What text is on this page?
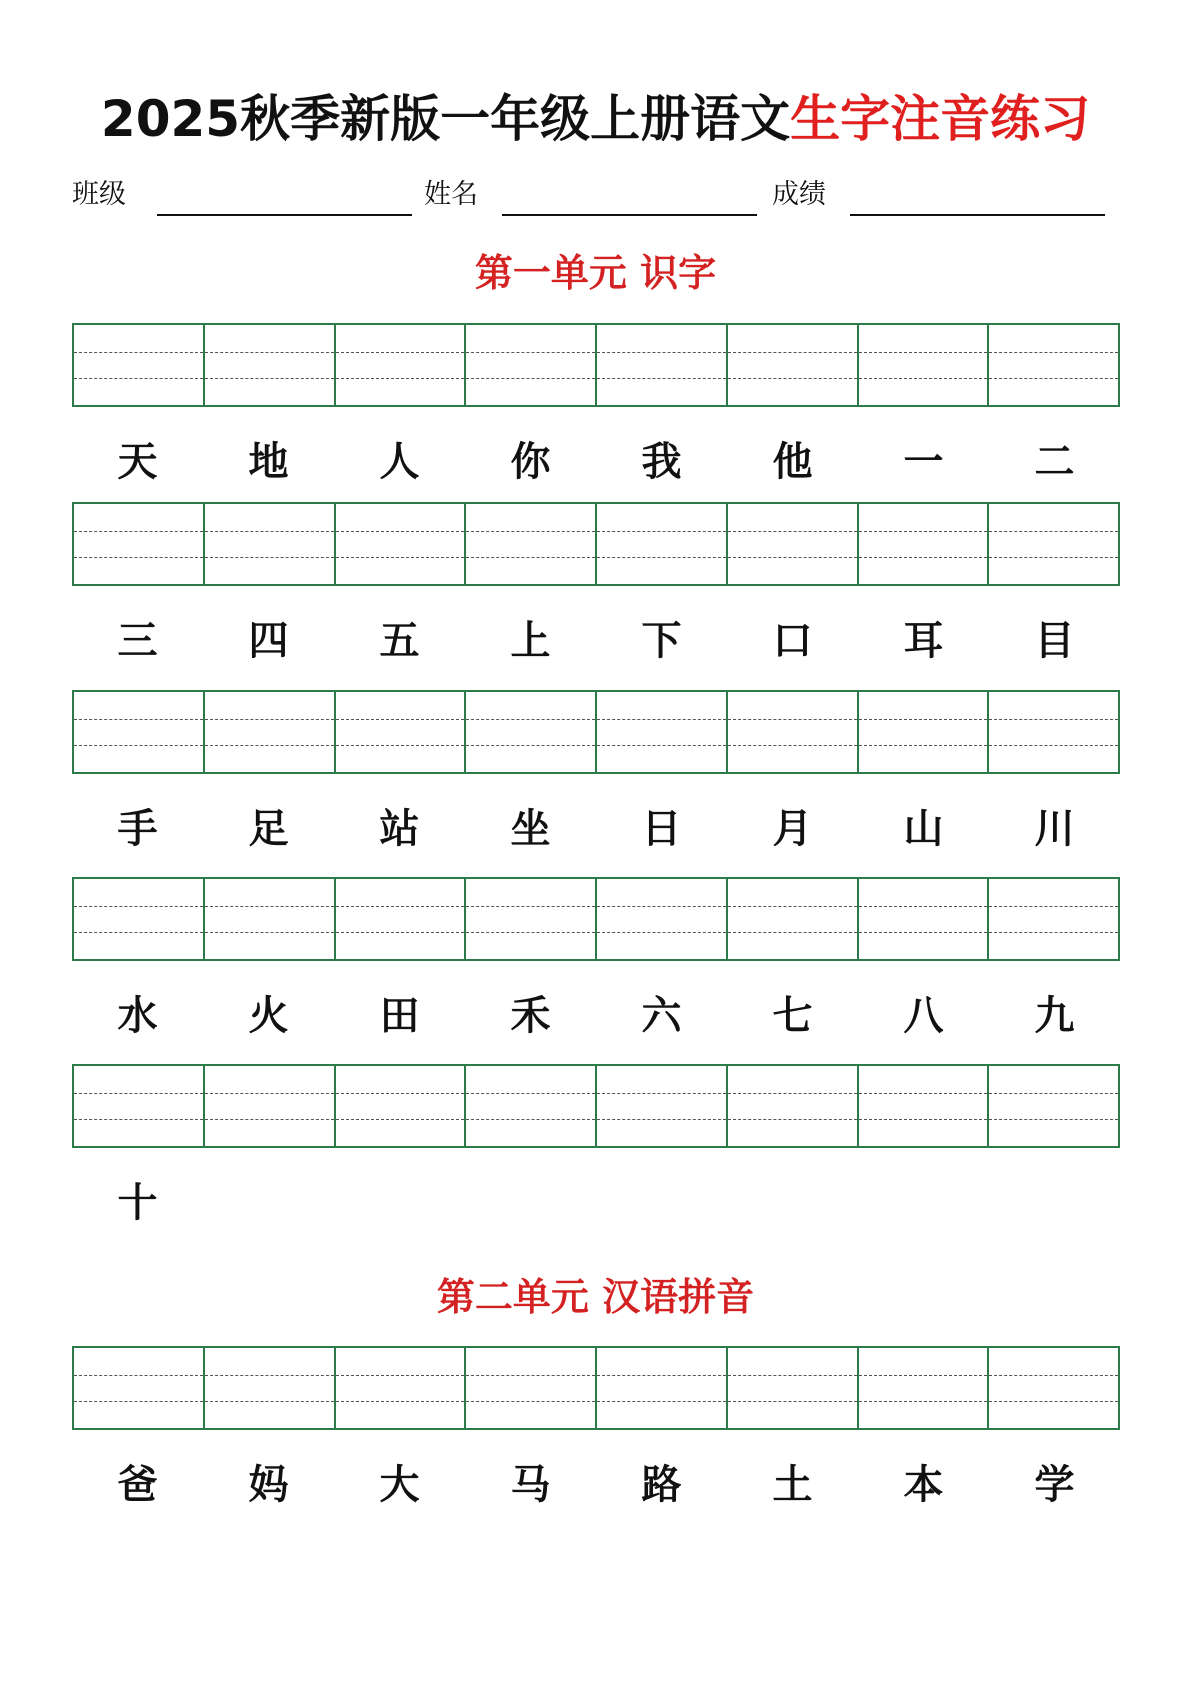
2025秋季新版一年级上册语文生字注音练习
班级	姓名	成绩
第一单元 识字
天	地	人	你	我	他	一	二
三	四	五	上	下	口	耳	目
手	足	站	坐	日	月	山	川
水	火	田	禾	六	七	八	九
十
第二单元 汉语拼音
爸	妈	大	马	路	土	本	学
